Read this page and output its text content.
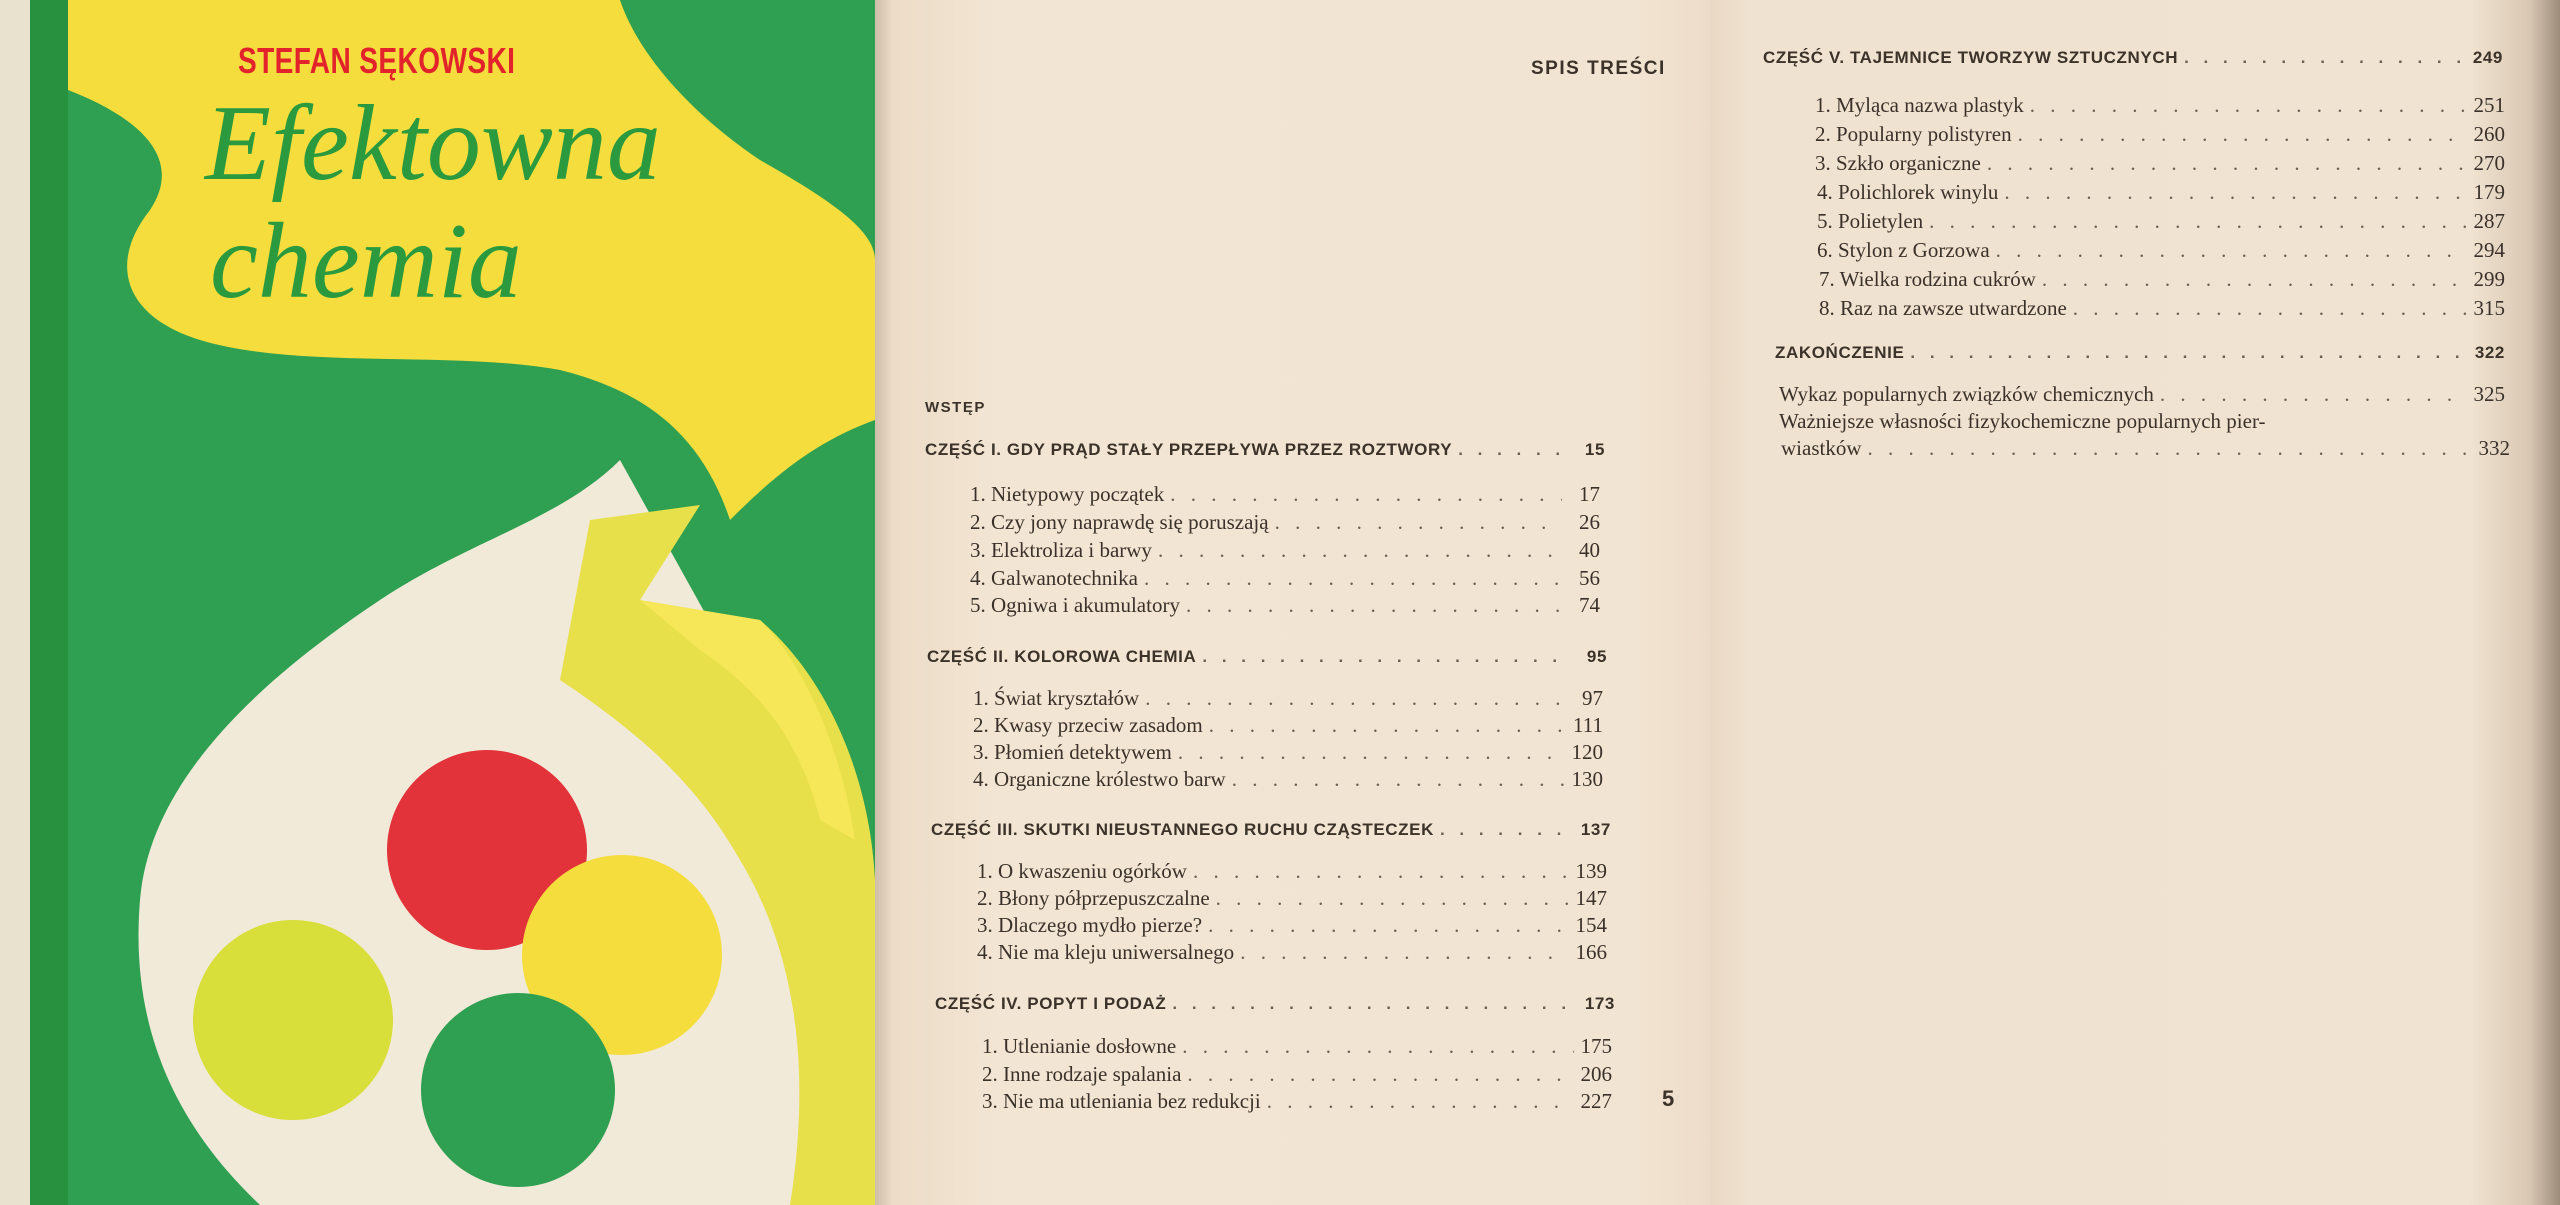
STEFAN SĘKOWSKI
Efektowna
chemia
SPIS TREŚCI
WSTĘP
CZĘŚĆ I. GDY PRĄD STAŁY PRZEPŁYWA PRZEZ ROZTWORY . . .	15
1. Nietypowy początek . . .	17
2. Czy jony naprawdę się poruszają . . .	26
3. Elektroliza i barwy . . .	40
4. Galwanotechnika . . .	56
5. Ogniwa i akumulatory . . .	74
CZĘŚĆ II. KOLOROWA CHEMIA . . .	95
1. Świat kryształów . . .	97
2. Kwasy przeciw zasadom . . .	111
3. Płomień detektywem . . .	120
4. Organiczne królestwo barw . . .	130
CZĘŚĆ III. SKUTKI NIEUSTANNEGO RUCHU CZĄSTECZEK . . .	137
1. O kwaszeniu ogórków . . .	139
2. Błony półprzepuszczalne . . .	147
3. Dlaczego mydło pierze? . . .	154
4. Nie ma kleju uniwersalnego . . .	166
CZĘŚĆ IV. POPYT I PODAŻ . . .	173
1. Utlenianie dosłowne . . .	175
2. Inne rodzaje spalania . . .	206
3. Nie ma utleniania bez redukcji . . .	227 5
CZĘŚĆ V. TAJEMNICE TWORZYW SZTUCZNYCH . . .	249
1. Myląca nazwa plastyk . . .	251
2. Popularny polistyren . . .	260
3. Szkło organiczne . . .	270
4. Polichlorek winylu . . .	179
5. Polietylen . . .	287
6. Stylon z Gorzowa . . .	294
7. Wielka rodzina cukrów . . .	299
8. Raz na zawsze utwardzone . . .	315
ZAKOŃCZENIE . . .	322
Wykaz popularnych związków chemicznych . . .	325
Ważniejsze własności fizykochemiczne popularnych pier-
wiastków . . .	332
